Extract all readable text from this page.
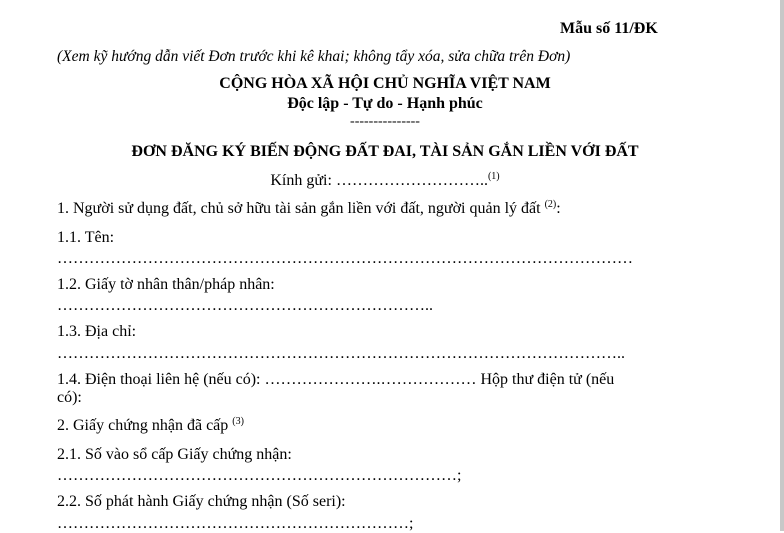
Mẫu số 11/ĐK
(Xem kỹ hướng dẫn viết Đơn trước khi kê khai; không tẩy xóa, sửa chữa trên Đơn)
CỘNG HÒA XÃ HỘI CHỦ NGHĨA VIỆT NAM
Độc lập - Tự do - Hạnh phúc
---------------
ĐƠN ĐĂNG KÝ BIẾN ĐỘNG ĐẤT ĐAI, TÀI SẢN GẮN LIỀN VỚI ĐẤT
Kính gửi: ………………………..$^{(1)}$
1. Người sử dụng đất, chủ sở hữu tài sản gắn liền với đất, người quản lý đất $^{(2)}$:
1.1. Tên:
………………………………………………………………………………………………
1.2. Giấy tờ nhân thân/pháp nhân:
……………………………………………………………..
1.3. Địa chỉ:
……………………………………………………………………………………………..
1.4. Điện thoại liên hệ (nếu có): ………………….……………… Hộp thư điện tử (nếu
có):
2. Giấy chứng nhận đã cấp $^{(3)}$
2.1. Số vào sổ cấp Giấy chứng nhận:
…………………………………………………………………;
2.2. Số phát hành Giấy chứng nhận (Số seri):
…………………………………………………………;
